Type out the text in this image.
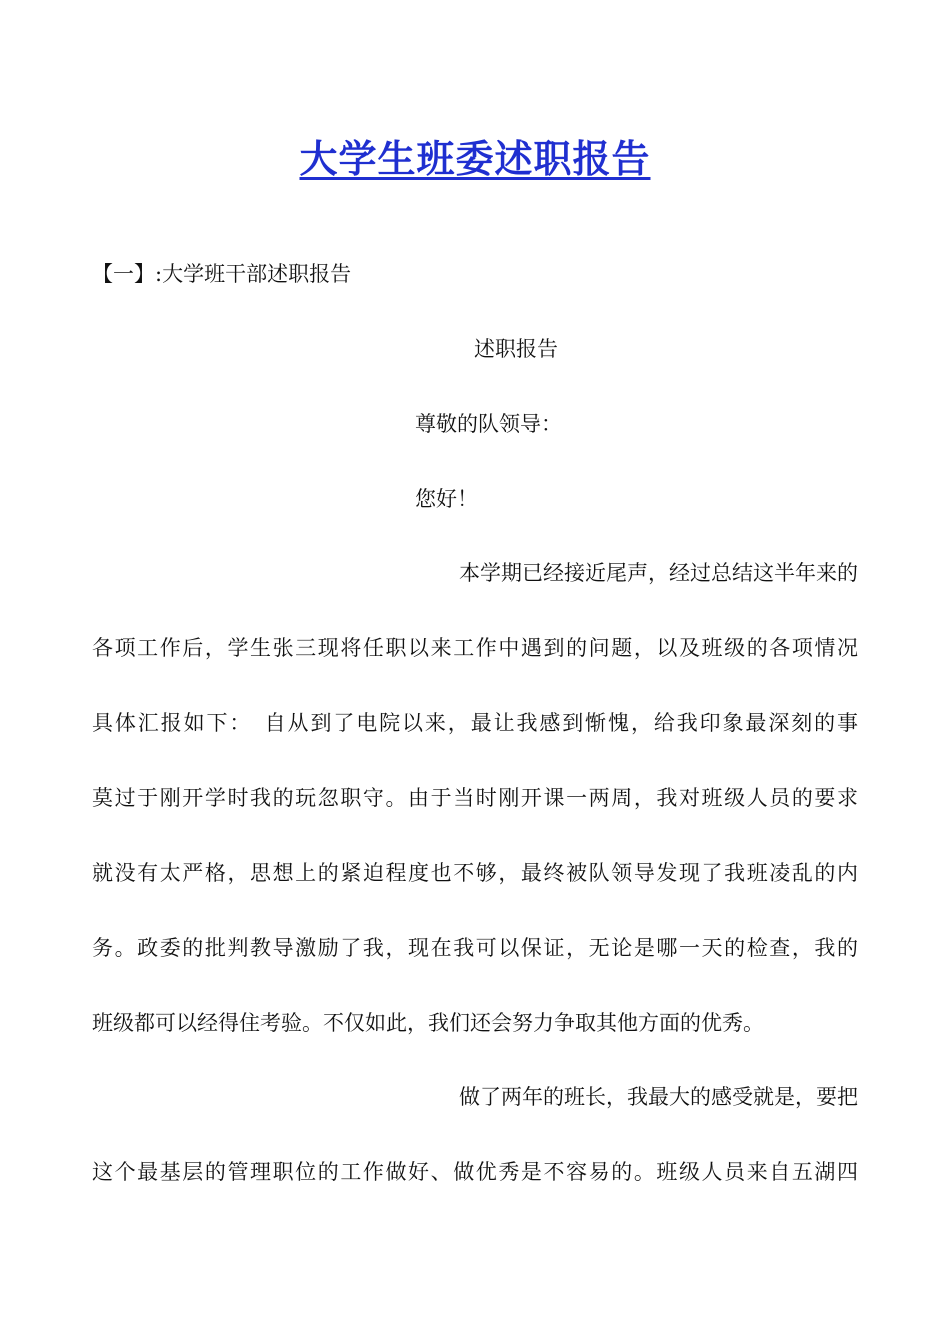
大学生班委述职报告
【一】:大学班干部述职报告
述职报告
尊敬的队领导：
您好！
本学期已经接近尾声，经过总结这半年来的
各项工作后，学生张三现将任职以来工作中遇到的问题，以及班级的各项情况
具体汇报如下：　自从到了电院以来，最让我感到惭愧，给我印象最深刻的事
莫过于刚开学时我的玩忽职守。由于当时刚开课一两周，我对班级人员的要求
就没有太严格，思想上的紧迫程度也不够，最终被队领导发现了我班凌乱的内
务。政委的批判教导激励了我，现在我可以保证，无论是哪一天的检查，我的
班级都可以经得住考验。不仅如此，我们还会努力争取其他方面的优秀。
做了两年的班长，我最大的感受就是，要把
这个最基层的管理职位的工作做好、做优秀是不容易的。班级人员来自五湖四
